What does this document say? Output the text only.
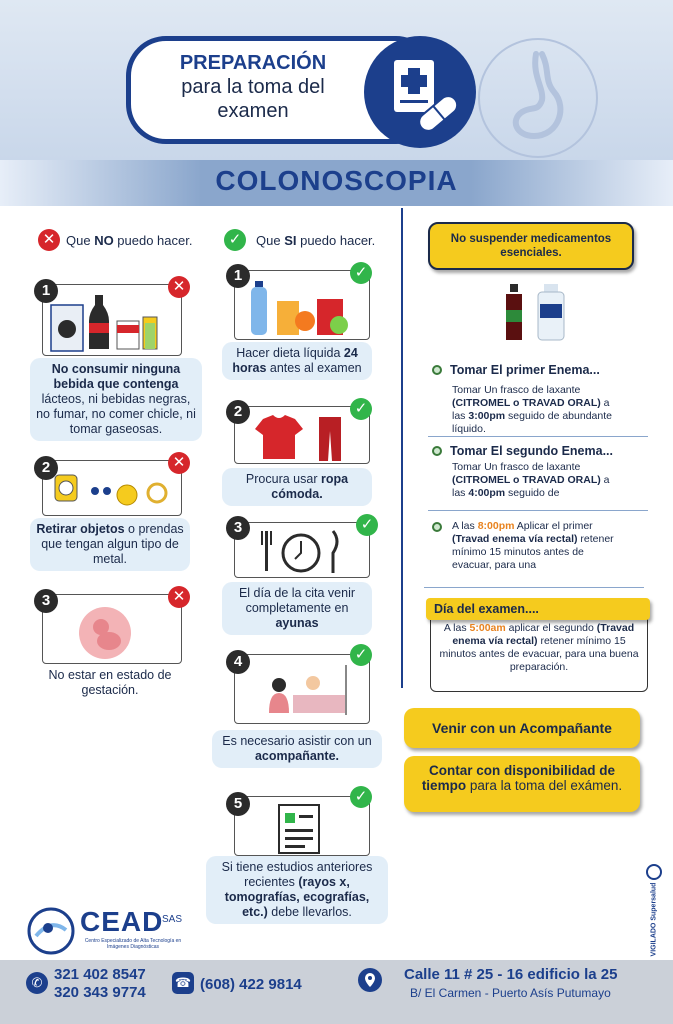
PREPARACIÓN
para la toma del
examen
COLONOSCOPIA
✕ Que NO puedo hacer.
1	✕
No consumir ninguna bebida que contenga lácteos, ni bebidas negras, no fumar, no comer chicle, ni tomar gaseosas.
2	✕
Retirar objetos o prendas que tengan algun tipo de metal.
3	✕
No estar en estado de gestación.
✓	Que SI puedo hacer.
1	✓
Hacer dieta líquida 24 horas antes al examen
2	✓
Procura usar ropa cómoda.
3	✓
El día de la cita venir completamente en ayunas
4	✓
Es necesario asistir con un acompañante.
5	✓
Si tiene estudios anteriores recientes (rayos x, tomografías, ecografías, etc.) debe llevarlos.
No suspender medicamentos esenciales.
Tomar El primer Enema...
Tomar Un frasco de laxante (CITROMEL o TRAVAD ORAL) a las 3:00pm seguido de abundante líquido.
Tomar El segundo Enema...
Tomar Un frasco de laxante (CITROMEL o TRAVAD ORAL) a las 4:00pm seguido de
A las 8:00pm Aplicar el primer (Travad enema vía rectal) retener mínimo 15 minutos antes de evacuar, para una
Día del examen....
A las 5:00am aplicar el segundo (Travad enema vía rectal) retener mínimo 15 minutos antes de evacuar, para una buena preparación.
Venir con un Acompañante
Contar con disponibilidad de tiempo para la toma del exámen.
VIGILADO Supersalud
CEAD
SAS
Centro Especializado de Alta Tecnología en Imágenes Diagnósticas
✆ 321 402 8547
320 343 9774
☎ (608) 422 9814
Calle 11 # 25 - 16 edificio la 25
B/ El Carmen - Puerto Asís Putumayo
